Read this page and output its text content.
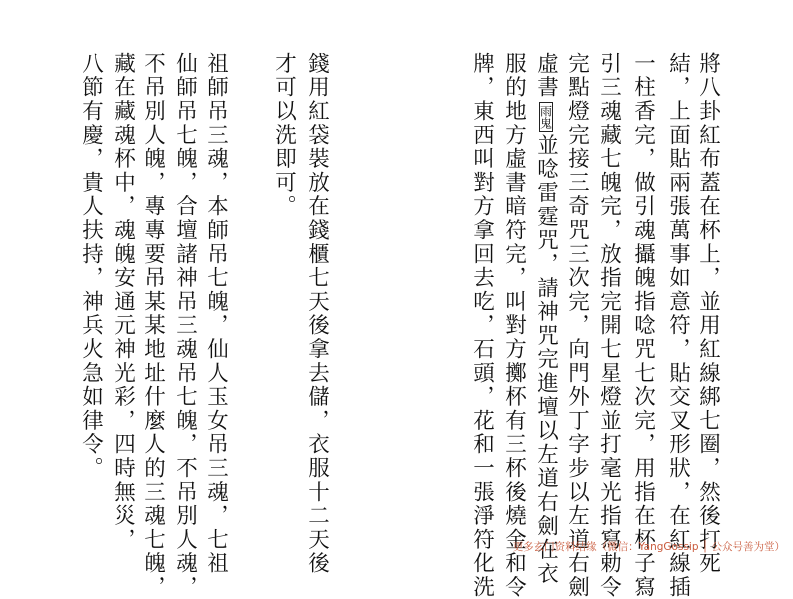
將八卦紅布蓋在杯上，並用紅線綁七圈，然後打死
結，上面貼兩張萬事如意符，貼交叉形狀，在紅線插
一柱香完，做引魂攝魄指唸咒七次完，用指在杯子寫
引三魂藏七魄完，放指完開七星燈並打毫光指寫勅令
完點燈完接三奇咒三次完，向門外丁字步以左道右劍
虛書雨鬼並唸雷霆咒，請神咒完進壇以左道右劍在衣
服的地方虛書暗符完，叫對方擲杯有三杯後燒金和令
牌，東西叫對方拿回去吃，石頭，花和一張淨符化洗
錢用紅袋裝放在錢櫃七天後拿去儲，衣服十二天後
才可以洗即可。
祖師吊三魂，本師吊七魄，仙人玉女吊三魂，七祖
仙師吊七魄，合壇諸神吊三魂吊七魄，不吊別人魂，
不吊別人魄，專專要吊某某地址什麼人的三魂七魄，
藏在藏魂杯中，魂魄安通元神光彩，四時無災，
八節有慶，貴人扶持，神兵火急如律令。
更多玄门资料结缘（微信：YangGossip │ 公众号善为堂）
